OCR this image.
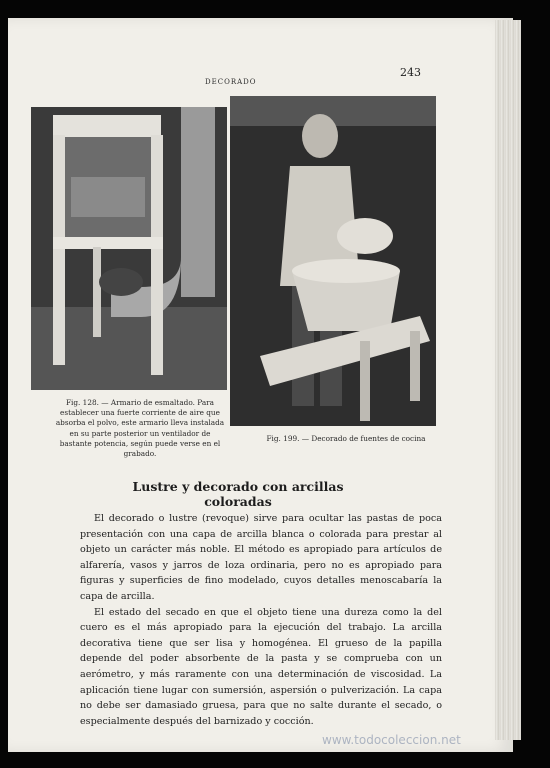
DECORADO
243
Fig. 128. — Armario de esmaltado. Para establecer una fuerte corriente de aire que absorba el polvo, este armario lleva instalada en su parte posterior un ventilador de bastante potencia, según puede verse en el grabado.
Fig. 199. — Decorado de fuentes de cocina
Lustre y decorado con arcillas coloradas

El decorado o lustre (revoque) sirve para ocultar las pastas de poca presentación con una capa de arcilla blanca o colorada para prestar al objeto un carácter más noble. El método es apropiado para artículos de alfarería, vasos y jarros de loza ordinaria, pero no es apropiado para figuras y superficies de fino modelado, cuyos detalles menoscabaría la capa de arcilla.

El estado del secado en que el objeto tiene una dureza como la del cuero es el más apropiado para la ejecución del trabajo. La arcilla decorativa tiene que ser lisa y homogénea. El grueso de la papilla depende del poder absorbente de la pasta y se comprueba con un aerómetro, y más raramente con una determinación de viscosidad. La aplicación tiene lugar con sumersión, aspersión o pulverización. La capa no debe ser damasiado gruesa, para que no salte durante el secado, o especialmente después del barnizado y cocción.

www.todocoleccion.net
